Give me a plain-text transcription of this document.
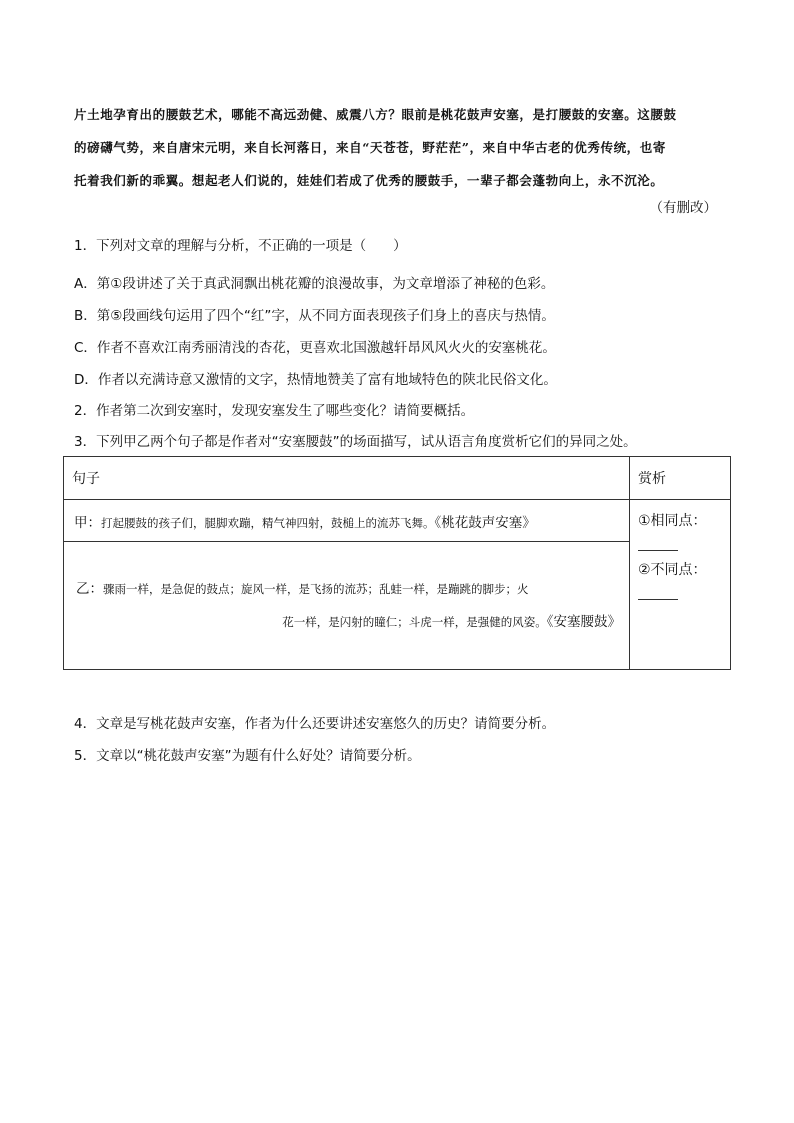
片土地孕育出的腰鼓艺术，哪能不高远劲健、威震八方？眼前是桃花鼓声安塞，是打腰鼓的安塞。这腰鼓
的磅礴气势，来自唐宋元明，来自长河落日，来自“天苍苍，野茫茫”，来自中华古老的优秀传统，也寄
托着我们新的乖翼。想起老人们说的，娃娃们若成了优秀的腰鼓手，一辈子都会蓬勃向上，永不沉沦。
（有删改）
1．下列对文章的理解与分析，不正确的一项是（　　）
A．第①段讲述了关于真武洞飘出桃花瓣的浪漫故事，为文章增添了神秘的色彩。
B．第⑤段画线句运用了四个“红”字，从不同方面表现孩子们身上的喜庆与热情。
C．作者不喜欢江南秀丽清浅的杏花，更喜欢北国激越轩昂风风火火的安塞桃花。
D．作者以充满诗意又激情的文字，热情地赞美了富有地域特色的陕北民俗文化。
2．作者第二次到安塞时，发现安塞发生了哪些变化？请简要概括。
3．下列甲乙两个句子都是作者对“安塞腰鼓”的场面描写，试从语言角度赏析它们的异同之处。
句子	赏析

甲：打起腰鼓的孩子们，腿脚欢蹦，精气神四射，鼓槌上的流苏飞舞。《桃花鼓声安塞》	①相同点：
②不同点：

乙：骤雨一样，是急促的鼓点；旋风一样，是飞扬的流苏；乱蛙一样，是蹦跳的脚步；火
花一样，是闪射的瞳仁；斗虎一样，是强健的风姿。《安塞腰鼓》	
4．文章是写桃花鼓声安塞，作者为什么还要讲述安塞悠久的历史？请简要分析。
5．文章以“桃花鼓声安塞”为题有什么好处？请简要分析。
